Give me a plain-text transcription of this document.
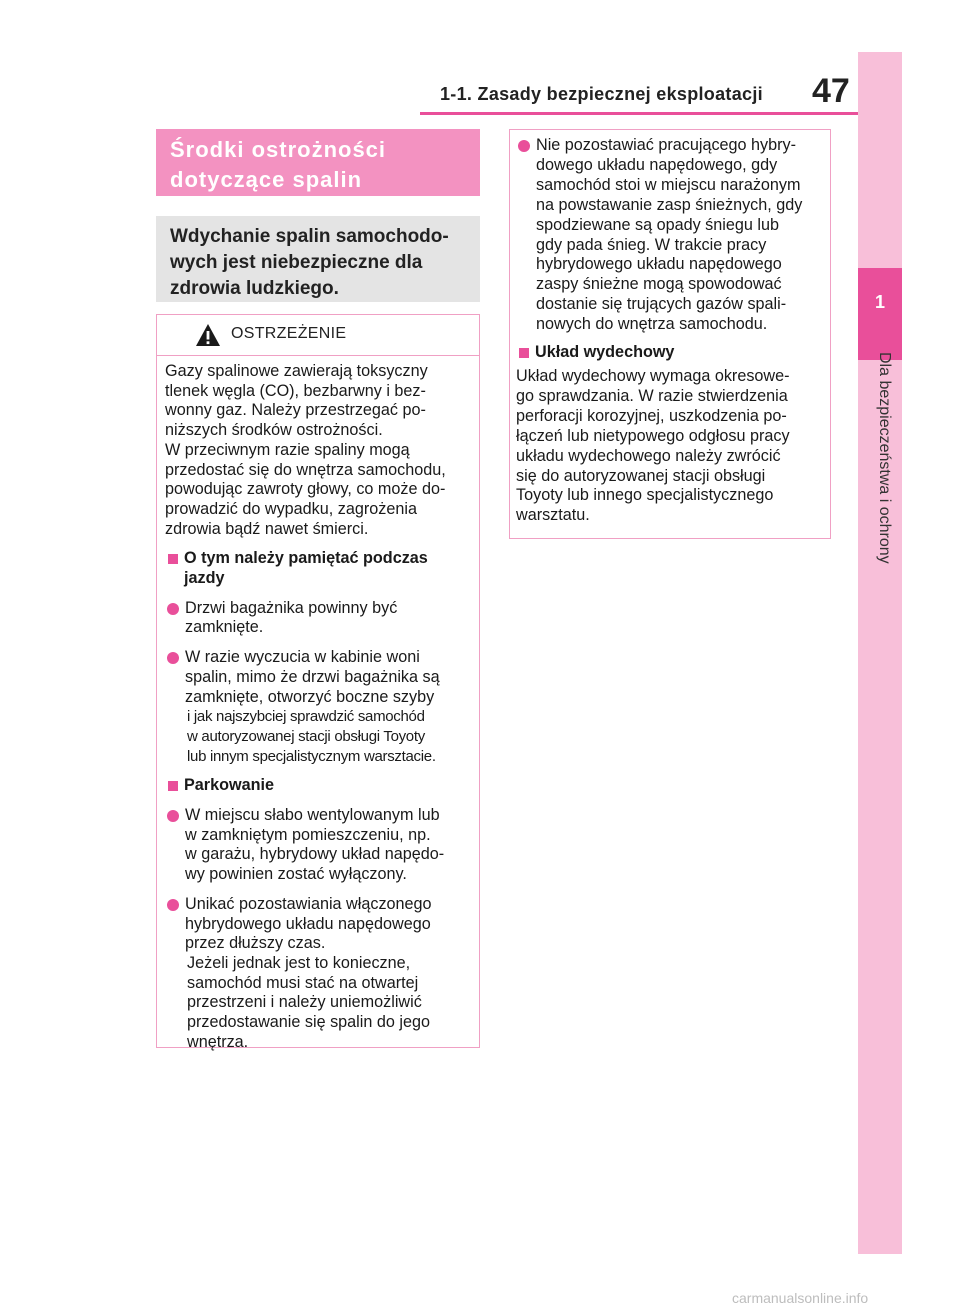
1-1. Zasady bezpiecznej eksploatacji 47
1
Dla bezpieczeństwa i ochrony
Środki ostrożności
dotyczące spalin

Wdychanie spalin samochodo-
wych jest niebezpieczne dla
zdrowia ludzkiego.

OSTRZEŻENIE

Gazy spalinowe zawierają toksyczny
tlenek węgla (CO), bezbarwny i bez-
wonny gaz. Należy przestrzegać po-
niższych środków ostrożności.
W przeciwnym razie spaliny mogą
przedostać się do wnętrza samochodu,
powodując zawroty głowy, co może do-
prowadzić do wypadku, zagrożenia
zdrowia bądź nawet śmierci.

O tym należy pamiętać podczas
jazdy
Drzwi bagażnika powinny być
zamknięte.
W razie wyczucia w kabinie woni
spalin, mimo że drzwi bagażnika są
zamknięte, otworzyć boczne szyby
i jak najszybciej sprawdzić samochód
w autoryzowanej stacji obsługi Toyoty
lub innym specjalistycznym warsztacie.
Parkowanie
W miejscu słabo wentylowanym lub
w zamkniętym pomieszczeniu, np.
w garażu, hybrydowy układ napędo-
wy powinien zostać wyłączony.
Unikać pozostawiania włączonego
hybrydowego układu napędowego
przez dłuższy czas.
Jeżeli jednak jest to konieczne,
samochód musi stać na otwartej
przestrzeni i należy uniemożliwić
przedostawanie się spalin do jego
wnętrza.
Nie pozostawiać pracującego hybry-
dowego układu napędowego, gdy
samochód stoi w miejscu narażonym
na powstawanie zasp śnieżnych, gdy
spodziewane są opady śniegu lub
gdy pada śnieg. W trakcie pracy
hybrydowego układu napędowego
zaspy śnieżne mogą spowodować
dostanie się trujących gazów spali-
nowych do wnętrza samochodu.
Układ wydechowy

Układ wydechowy wymaga okresowe-
go sprawdzania. W razie stwierdzenia
perforacji korozyjnej, uszkodzenia po-
łączeń lub nietypowego odgłosu pracy
układu wydechowego należy zwrócić
się do autoryzowanej stacji obsługi
Toyoty lub innego specjalistycznego
warsztatu.

carmanualsonline.info
